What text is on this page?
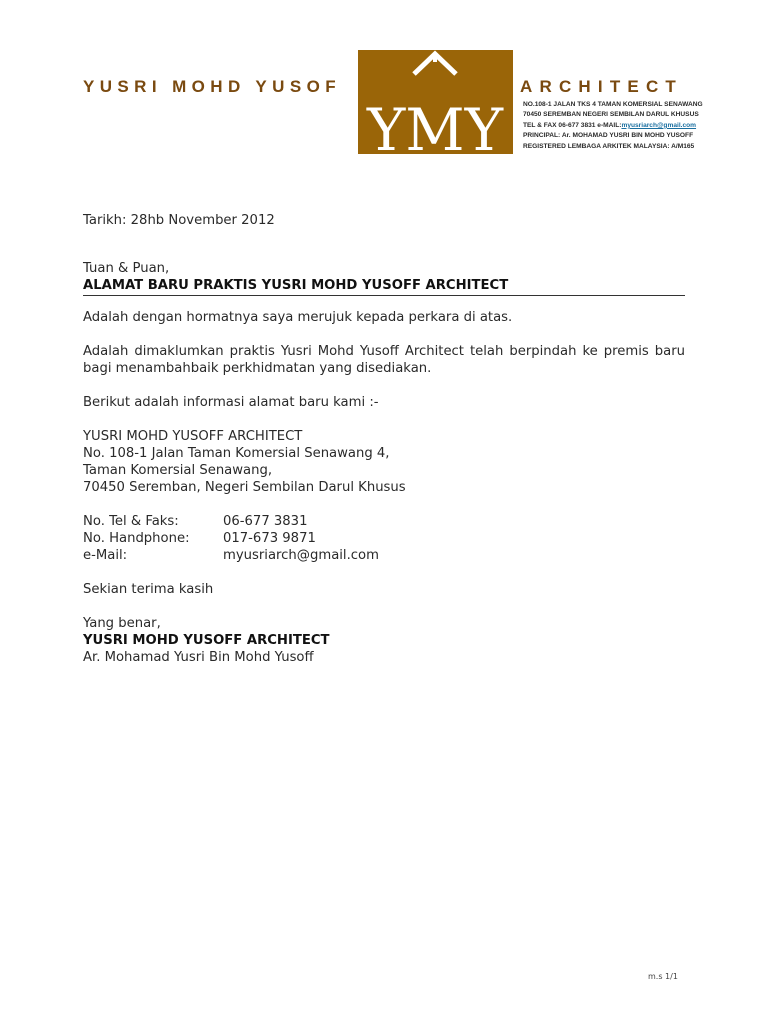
YUSRI MOHD YUSOF
YMY
ARCHITECT
NO.108-1 JALAN TKS 4 TAMAN KOMERSIAL SENAWANG
70450 SEREMBAN NEGERI SEMBILAN DARUL KHUSUS
TEL & FAX 06-677 3831 e-MAIL:myusriarch@gmail.com
PRINCIPAL: Ar. MOHAMAD YUSRI BIN MOHD YUSOFF
REGISTERED LEMBAGA ARKITEK MALAYSIA: A/M165

Tarikh: 28hb November 2012

Tuan & Puan,

ALAMAT BARU PRAKTIS YUSRI MOHD YUSOFF ARCHITECT

Adalah dengan hormatnya saya merujuk kepada perkara di atas.

Adalah dimaklumkan praktis Yusri Mohd Yusoff Architect telah berpindah ke premis baru bagi menambahbaik perkhidmatan yang disediakan.

Berikut adalah informasi alamat baru kami :-

YUSRI MOHD YUSOFF ARCHITECT
No. 108-1 Jalan Taman Komersial Senawang 4,
Taman Komersial Senawang,
70450 Seremban, Negeri Sembilan Darul Khusus
No. Tel & Faks:	06-677 3831
No. Handphone:	017-673 9871
e-Mail:	myusriarch@gmail.com

Sekian terima kasih

Yang benar,

YUSRI MOHD YUSOFF ARCHITECT

Ar. Mohamad Yusri Bin Mohd Yusoff

m.s 1/1
